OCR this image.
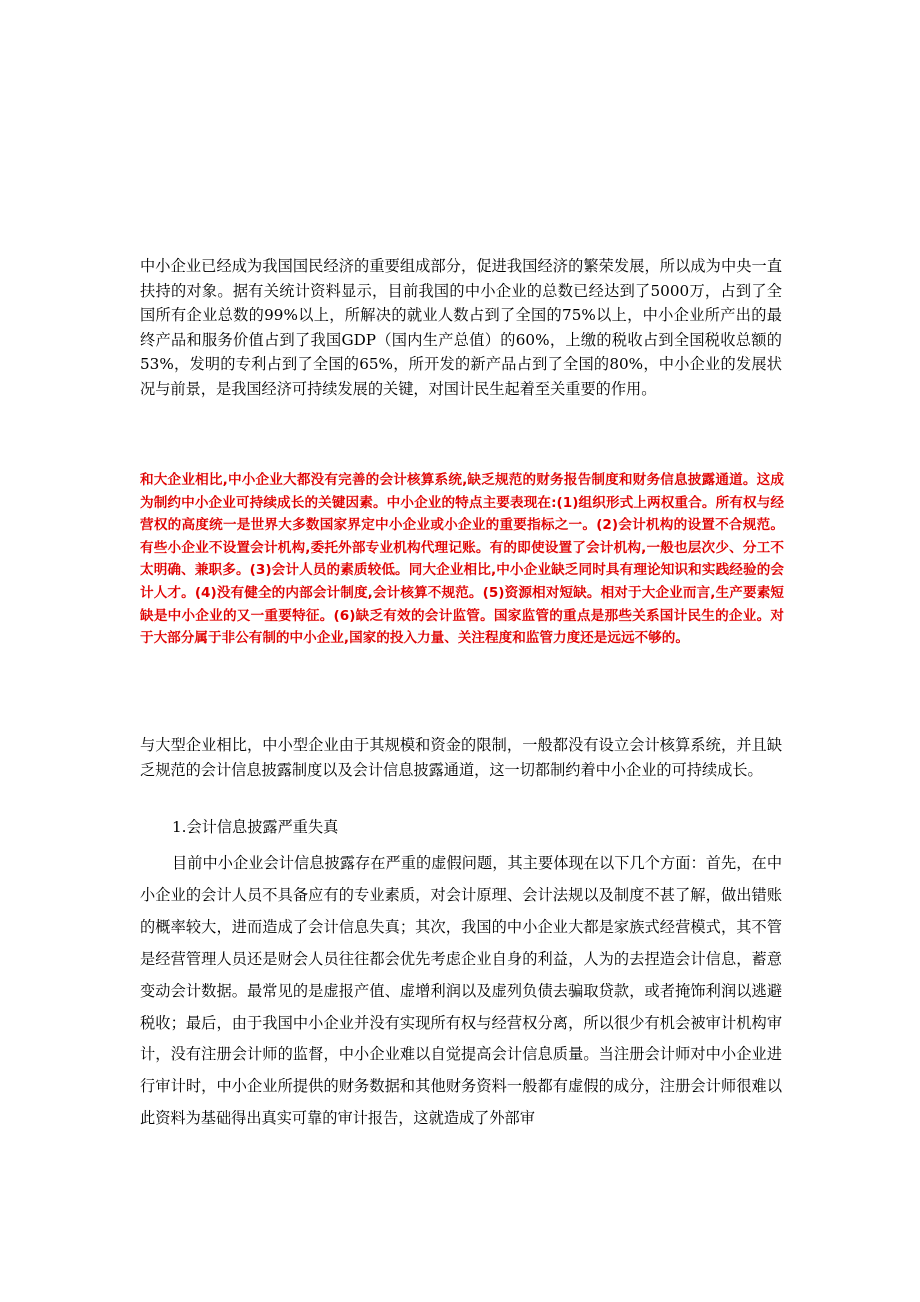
中小企业已经成为我国国民经济的重要组成部分，促进我国经济的繁荣发展，所以成为中央一直扶持的对象。据有关统计资料显示，目前我国的中小企业的总数已经达到了5000万，占到了全国所有企业总数的99%以上，所解决的就业人数占到了全国的75%以上，中小企业所产出的最终产品和服务价值占到了我国GDP（国内生产总值）的60%，上缴的税收占到全国税收总额的53%，发明的专利占到了全国的65%，所开发的新产品占到了全国的80%，中小企业的发展状况与前景，是我国经济可持续发展的关键，对国计民生起着至关重要的作用。

和大企业相比,中小企业大都没有完善的会计核算系统,缺乏规范的财务报告制度和财务信息披露通道。这成为制约中小企业可持续成长的关键因素。中小企业的特点主要表现在:(1)组织形式上两权重合。所有权与经营权的高度统一是世界大多数国家界定中小企业或小企业的重要指标之一。(2)会计机构的设置不合规范。有些小企业不设置会计机构,委托外部专业机构代理记账。有的即使设置了会计机构,一般也层次少、分工不太明确、兼职多。(3)会计人员的素质较低。同大企业相比,中小企业缺乏同时具有理论知识和实践经验的会计人才。(4)没有健全的内部会计制度,会计核算不规范。(5)资源相对短缺。相对于大企业而言,生产要素短缺是中小企业的又一重要特征。(6)缺乏有效的会计监管。国家监管的重点是那些关系国计民生的企业。对于大部分属于非公有制的中小企业,国家的投入力量、关注程度和监管力度还是远远不够的。

与大型企业相比，中小型企业由于其规模和资金的限制，一般都没有设立会计核算系统，并且缺乏规范的会计信息披露制度以及会计信息披露通道，这一切都制约着中小企业的可持续成长。

1.会计信息披露严重失真

目前中小企业会计信息披露存在严重的虚假问题，其主要体现在以下几个方面：首先，在中小企业的会计人员不具备应有的专业素质，对会计原理、会计法规以及制度不甚了解，做出错账的概率较大，进而造成了会计信息失真；其次，我国的中小企业大都是家族式经营模式，其不管是经营管理人员还是财会人员往往都会优先考虑企业自身的利益，人为的去捏造会计信息，蓄意变动会计数据。最常见的是虚报产值、虚增利润以及虚列负债去骗取贷款，或者掩饰利润以逃避税收；最后，由于我国中小企业并没有实现所有权与经营权分离，所以很少有机会被审计机构审计，没有注册会计师的监督，中小企业难以自觉提高会计信息质量。当注册会计师对中小企业进行审计时，中小企业所提供的财务数据和其他财务资料一般都有虚假的成分，注册会计师很难以此资料为基础得出真实可靠的审计报告，这就造成了外部审
